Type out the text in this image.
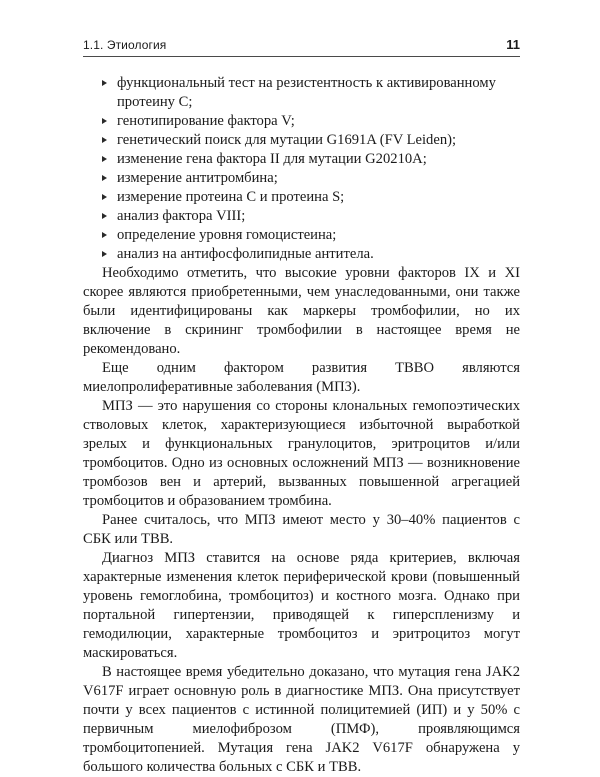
1.1. Этиология	11
функциональный тест на резистентность к активированному протеину С;
генотипирование фактора V;
генетический поиск для мутации G1691A (FV Leiden);
изменение гена фактора II для мутации G20210A;
измерение антитромбина;
измерение протеина С и протеина S;
анализ фактора VIII;
определение уровня гомоцистеина;
анализ на антифосфолипидные антитела.

Необходимо отметить, что высокие уровни факторов IX и XI скорее являются приобретенными, чем унаследованными, они также были идентифицированы как маркеры тромбофилии, но их включение в скрининг тромбофилии в настоящее время не рекомендовано.

Еще одним фактором развития ТВВО являются миелопролиферативные заболевания (МПЗ).

МПЗ — это нарушения со стороны клональных гемопоэтических стволовых клеток, характеризующиеся избыточной выработкой зрелых и функциональных гранулоцитов, эритроцитов и/или тромбоцитов. Одно из основных осложнений МПЗ — возникновение тромбозов вен и артерий, вызванных повышенной агрегацией тромбоцитов и образованием тромбина.

Ранее считалось, что МПЗ имеют место у 30–40% пациентов с СБК или ТВВ.

Диагноз МПЗ ставится на основе ряда критериев, включая характерные изменения клеток периферической крови (повышенный уровень гемоглобина, тромбоцитоз) и костного мозга. Однако при портальной гипертензии, приводящей к гиперспленизму и гемодилюции, характерные тромбоцитоз и эритроцитоз могут маскироваться.

В настоящее время убедительно доказано, что мутация гена JAK2 V617F играет основную роль в диагностике МПЗ. Она присутствует почти у всех пациентов с истинной полицитемией (ИП) и у 50% с первичным миелофиброзом (ПМФ), проявляющимся тромбоцитопенией. Мутация гена JAK2 V617F обнаружена у большого количества больных с СБК и ТВВ.
